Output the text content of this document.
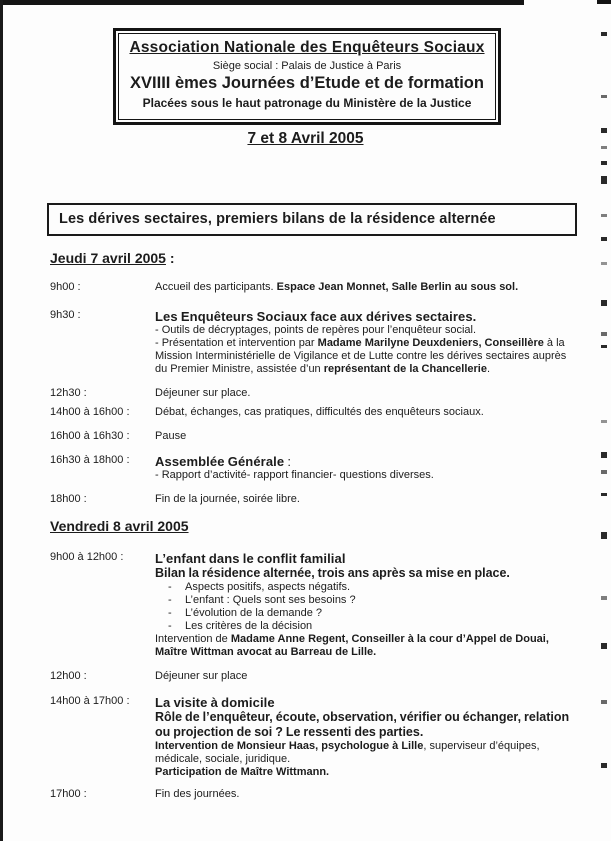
Association Nationale des Enquêteurs Sociaux
Siège social : Palais de Justice à Paris
XVIIII èmes Journées d’Etude et de formation
Placées sous le haut patronage du Ministère de la Justice
7 et 8 Avril 2005
Les dérives sectaires, premiers bilans de la résidence alternée
Jeudi 7 avril 2005 :
9h00 :	Accueil des participants. Espace Jean Monnet, Salle Berlin au sous sol.
9h30 :	Les Enquêteurs Sociaux face aux dérives sectaires.
- Outils de décryptages, points de repères pour l’enquêteur social.
- Présentation et intervention par Madame Marilyne Deuxdeniers, Conseillère à la Mission Interministérielle de Vigilance et de Lutte contre les dérives sectaires auprès du Premier Ministre, assistée d’un représentant de la Chancellerie.
12h30 :	Déjeuner sur place.
14h00 à 16h00 :	Débat, échanges, cas pratiques, difficultés des enquêteurs sociaux.
16h00 à 16h30 :	Pause
16h30 à 18h00 :	Assemblée Générale :
- Rapport d’activité- rapport financier- questions diverses.
18h00 :	Fin de la journée, soirée libre.
Vendredi 8 avril 2005
9h00 à 12h00 :	L’enfant dans le conflit familial
Bilan la résidence alternée, trois ans après sa mise en place.
-	Aspects positifs, aspects négatifs.
-	L’enfant : Quels sont ses besoins ?
-	L’évolution de la demande ?
-	Les critères de la décision
Intervention de Madame Anne Regent, Conseiller à la cour d’Appel de Douai,
Maître Wittman avocat au Barreau de Lille.
12h00 :	Déjeuner sur place
14h00 à 17h00 :	La visite à domicile
Rôle de l’enquêteur, écoute, observation, vérifier ou échanger, relation ou projection de soi ? Le ressenti des parties.
Intervention de Monsieur Haas, psychologue à Lille, superviseur d’équipes, médicale, sociale, juridique.
Participation de Maître Wittmann.
17h00 :	Fin des journées.
